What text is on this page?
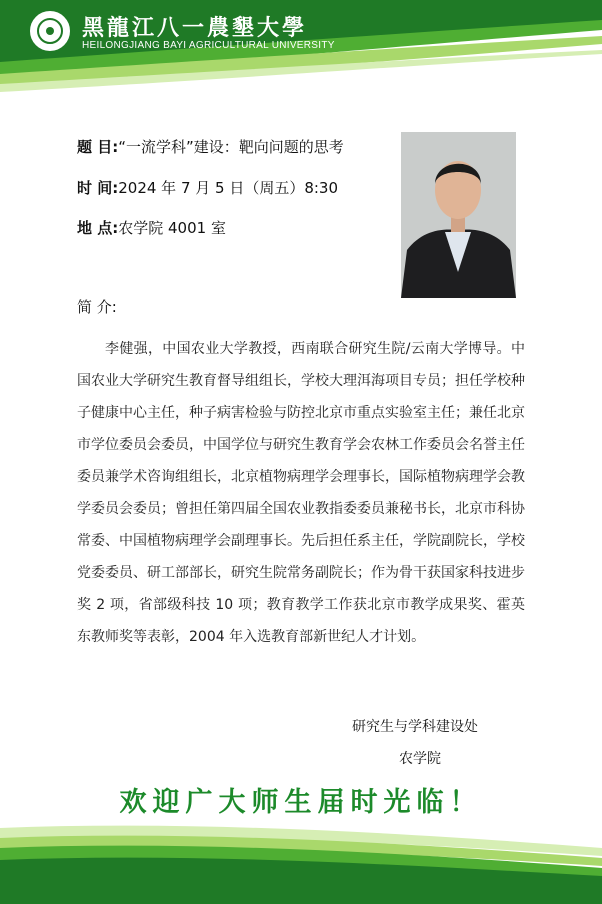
黑龍江八一農墾大學
HEILONGJIANG BAYI AGRICULTURAL UNIVERSITY
题 目:“一流学科”建设：靶向问题的思考
时 间:2024 年 7 月 5 日（周五）8:30
地 点:农学院 4001 室
简 介:

李健强，中国农业大学教授，西南联合研究生院/云南大学博导。中国农业大学研究生教育督导组组长，学校大理洱海项目专员；担任学校种子健康中心主任，种子病害检验与防控北京市重点实验室主任；兼任北京市学位委员会委员，中国学位与研究生教育学会农林工作委员会名誉主任委员兼学术咨询组组长，北京植物病理学会理事长，国际植物病理学会教学委员会委员；曾担任第四届全国农业教指委委员兼秘书长，北京市科协常委、中国植物病理学会副理事长。先后担任系主任，学院副院长，学校党委委员、研工部部长，研究生院常务副院长；作为骨干获国家科技进步奖 2 项，省部级科技 10 项；教育教学工作获北京市教学成果奖、霍英东教师奖等表彰，2004 年入选教育部新世纪人才计划。

研究生与学科建设处
农学院
欢迎广大师生届时光临！
